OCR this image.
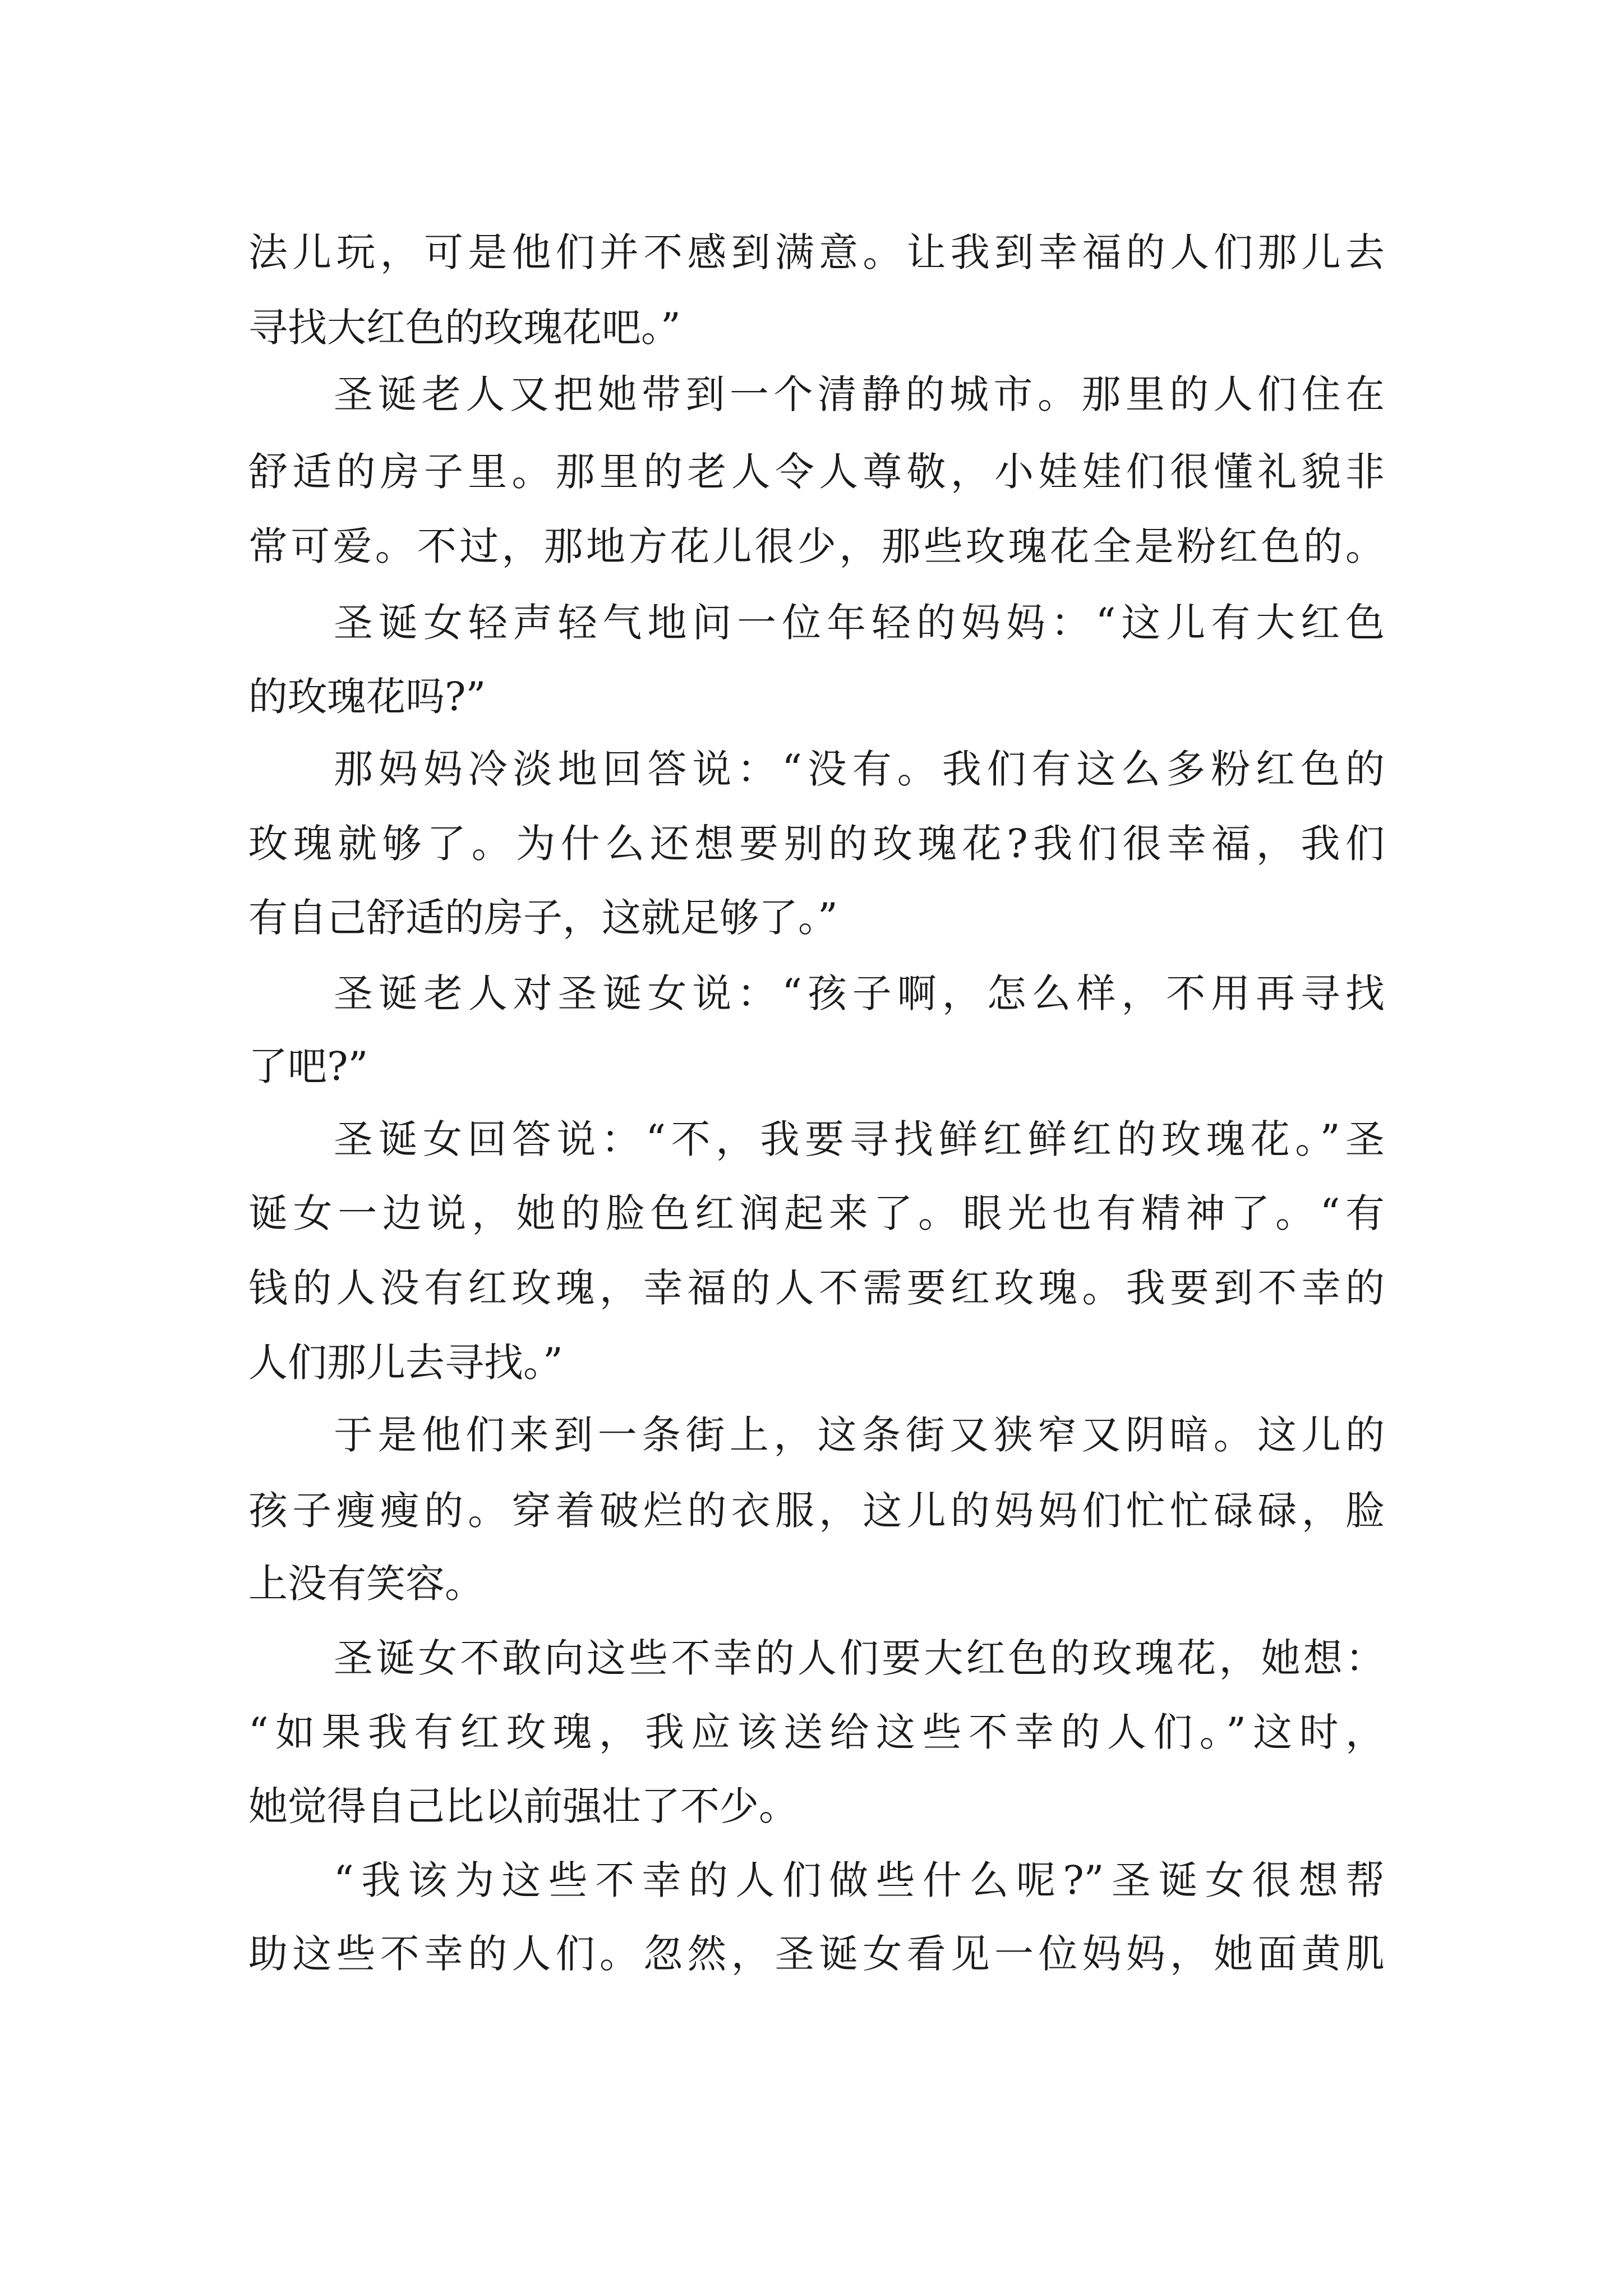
法儿玩，可是他们并不感到满意。让我到幸福的人们那儿去
寻找大红色的玫瑰花吧。”
圣诞老人又把她带到一个清静的城市。那里的人们住在
舒适的房子里。那里的老人令人尊敬，小娃娃们很懂礼貌非
常可爱。不过，那地方花儿很少，那些玫瑰花全是粉红色的。
圣诞女轻声轻气地问一位年轻的妈妈：“这儿有大红色
的玫瑰花吗?”
那妈妈冷淡地回答说：“没有。我们有这么多粉红色的
玫瑰就够了。为什么还想要别的玫瑰花?我们很幸福，我们
有自己舒适的房子，这就足够了。”
圣诞老人对圣诞女说：“孩子啊，怎么样，不用再寻找
了吧?”
圣诞女回答说：“不，我要寻找鲜红鲜红的玫瑰花。”圣
诞女一边说，她的脸色红润起来了。眼光也有精神了。“有
钱的人没有红玫瑰，幸福的人不需要红玫瑰。我要到不幸的
人们那儿去寻找。”
于是他们来到一条街上，这条街又狭窄又阴暗。这儿的
孩子瘦瘦的。穿着破烂的衣服，这儿的妈妈们忙忙碌碌，脸
上没有笑容。
圣诞女不敢向这些不幸的人们要大红色的玫瑰花，她想：
“如果我有红玫瑰，我应该送给这些不幸的人们。”这时，
她觉得自己比以前强壮了不少。
“我该为这些不幸的人们做些什么呢?”圣诞女很想帮
助这些不幸的人们。忽然，圣诞女看见一位妈妈，她面黄肌
